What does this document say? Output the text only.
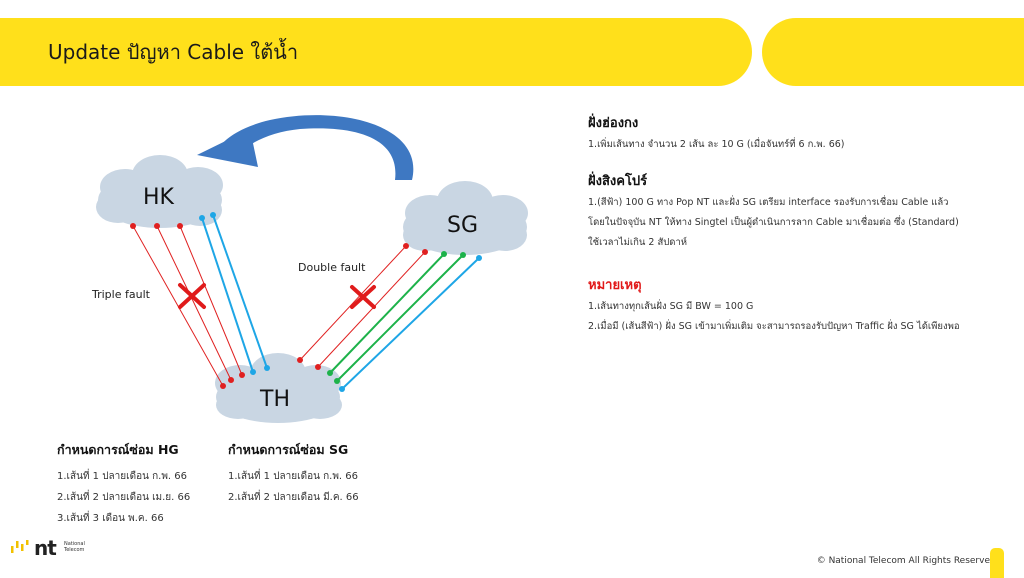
Update ปัญหา Cable ใต้น้ำ
HK
SG
TH
Triple fault
Double fault
ฝั่งฮ่องกง
1.เพิ่มเส้นทาง จำนวน 2 เส้น ละ 10 G (เมื่อจันทร์ที่ 6 ก.พ. 66)
ฝั่งสิงคโปร์
1.(สีฟ้า) 100 G ทาง Pop NT และฝั่ง SG เตรียม interface รองรับการเชื่อม Cable แล้ว
โดยในปัจจุบัน NT ให้ทาง Singtel เป็นผู้ดำเนินการลาก Cable มาเชื่อมต่อ ซึ่ง (Standard)
ใช้เวลาไม่เกิน 2 สัปดาห์
หมายเหตุ
1.เส้นทางทุกเส้นฝั่ง SG มี BW = 100 G
2.เมื่อมี (เส้นสีฟ้า) ฝั่ง SG เข้ามาเพิ่มเติม จะสามารถรองรับปัญหา Traffic ฝั่ง SG ได้เพียงพอ
กำหนดการณ์ซ่อม HG
1.เส้นที่ 1 ปลายเดือน ก.พ. 66
2.เส้นที่ 2 ปลายเดือน เม.ย. 66
3.เส้นที่ 3 เดือน พ.ค. 66
กำหนดการณ์ซ่อม SG
1.เส้นที่ 1 ปลายเดือน ก.พ. 66
2.เส้นที่ 2 ปลายเดือน มี.ค. 66
nt National
Telecom
© National Telecom All Rights Reserve
